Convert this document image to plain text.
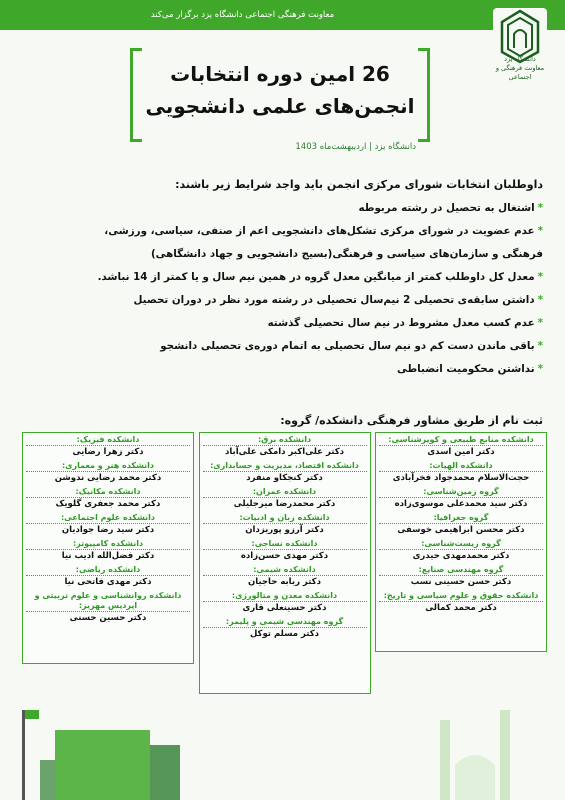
معاونت فرهنگی اجتماعی دانشگاه یزد برگزار می‌کند
دانشگاه یزد
معاونت فرهنگی و اجتماعی
26 امین دوره انتخابات
انجمن‌های علمی دانشجویی
دانشگاه یزد | اردیبهشت‌ماه 1403
داوطلبان انتخابات شورای مرکزی انجمن باید واجد شرایط زیر باشند:
*اشتغال به تحصیل در رشته مربوطه
*عدم عضویت در شورای مرکزی تشکل‌های دانشجویی اعم از صنفی، سیاسی، ورزشی،
فرهنگی و سازمان‌های سیاسی و فرهنگی(بسیج دانشجویی و جهاد دانشگاهی)
*معدل کل داوطلب کمتر از میانگین معدل گروه در همین نیم سال و یا کمتر از 14 نباشد.
*داشتن سابقه‌ی تحصیلی 2 نیم‌سال تحصیلی در رشته مورد نظر در دوران تحصیل
*عدم کسب معدل مشروط در نیم سال تحصیلی گذشته
*باقی ماندن دست کم دو نیم سال تحصیلی به اتمام دوره‌ی تحصیلی دانشجو
*نداشتن محکومیت انضباطی
ثبت نام از طریق مشاور فرهنگی دانشکده/ گروه:
دانشکده فیزیک:
دکتر زهرا رضایی
دانشکده هنر و معماری:
دکتر محمد رضایی ندوشن
دانشکده مکانیک:
دکتر محمد جعفری گلویک
دانشکده علوم اجتماعی:
دکتر سید رضا جوادیان
دانشکده کامپیوتر:
دکتر فضل‌الله ادیب نیا
دانشکده ریاضی:
دکتر مهدی فاتحی نیا
دانشکده روانشناسی و علوم تربیتی و اپردیس مهریز:
دکتر حسین حسنی
دانشکده برق:
دکتر علی‌اکبر دامکی علی‌آباد
دانشکده اقتصاد، مدیریت و حسابداری:
دکتر کنجکاو منفرد
دانشکده عمران:
دکتر محمدرضا میرجلیلی
دانشکده زبان و ادبیات:
دکتر آرزو پوریزدان
دانشکده نساجی:
دکتر مهدی حسن‌زاده
دانشکده شیمی:
دکتر ربابه حاجیان
دانشکده معدن و متالورژی:
دکتر حسینعلی قاری
گروه مهندسی شیمی و پلیمر:
دکتر مسلم توکل
دانشکده منابع طبیعی و کویرشناسی:
دکتر امین اسدی
دانشکده الهیات:
حجت‌الاسلام محمدجواد فخرآبادی
گروه زمین‌شناسی:
دکتر سید محمدعلی موسوی‌زاده
گروه جغرافیا:
دکتر محسن ابراهیمی خوسفی
گروه زیست‌شناسی:
دکتر محمدمهدی حیدری
گروه مهندسی صنایع:
دکتر حسن حسینی نسب
دانشکده حقوق و علوم سیاسی و تاریخ:
دکتر محمد کمالی
